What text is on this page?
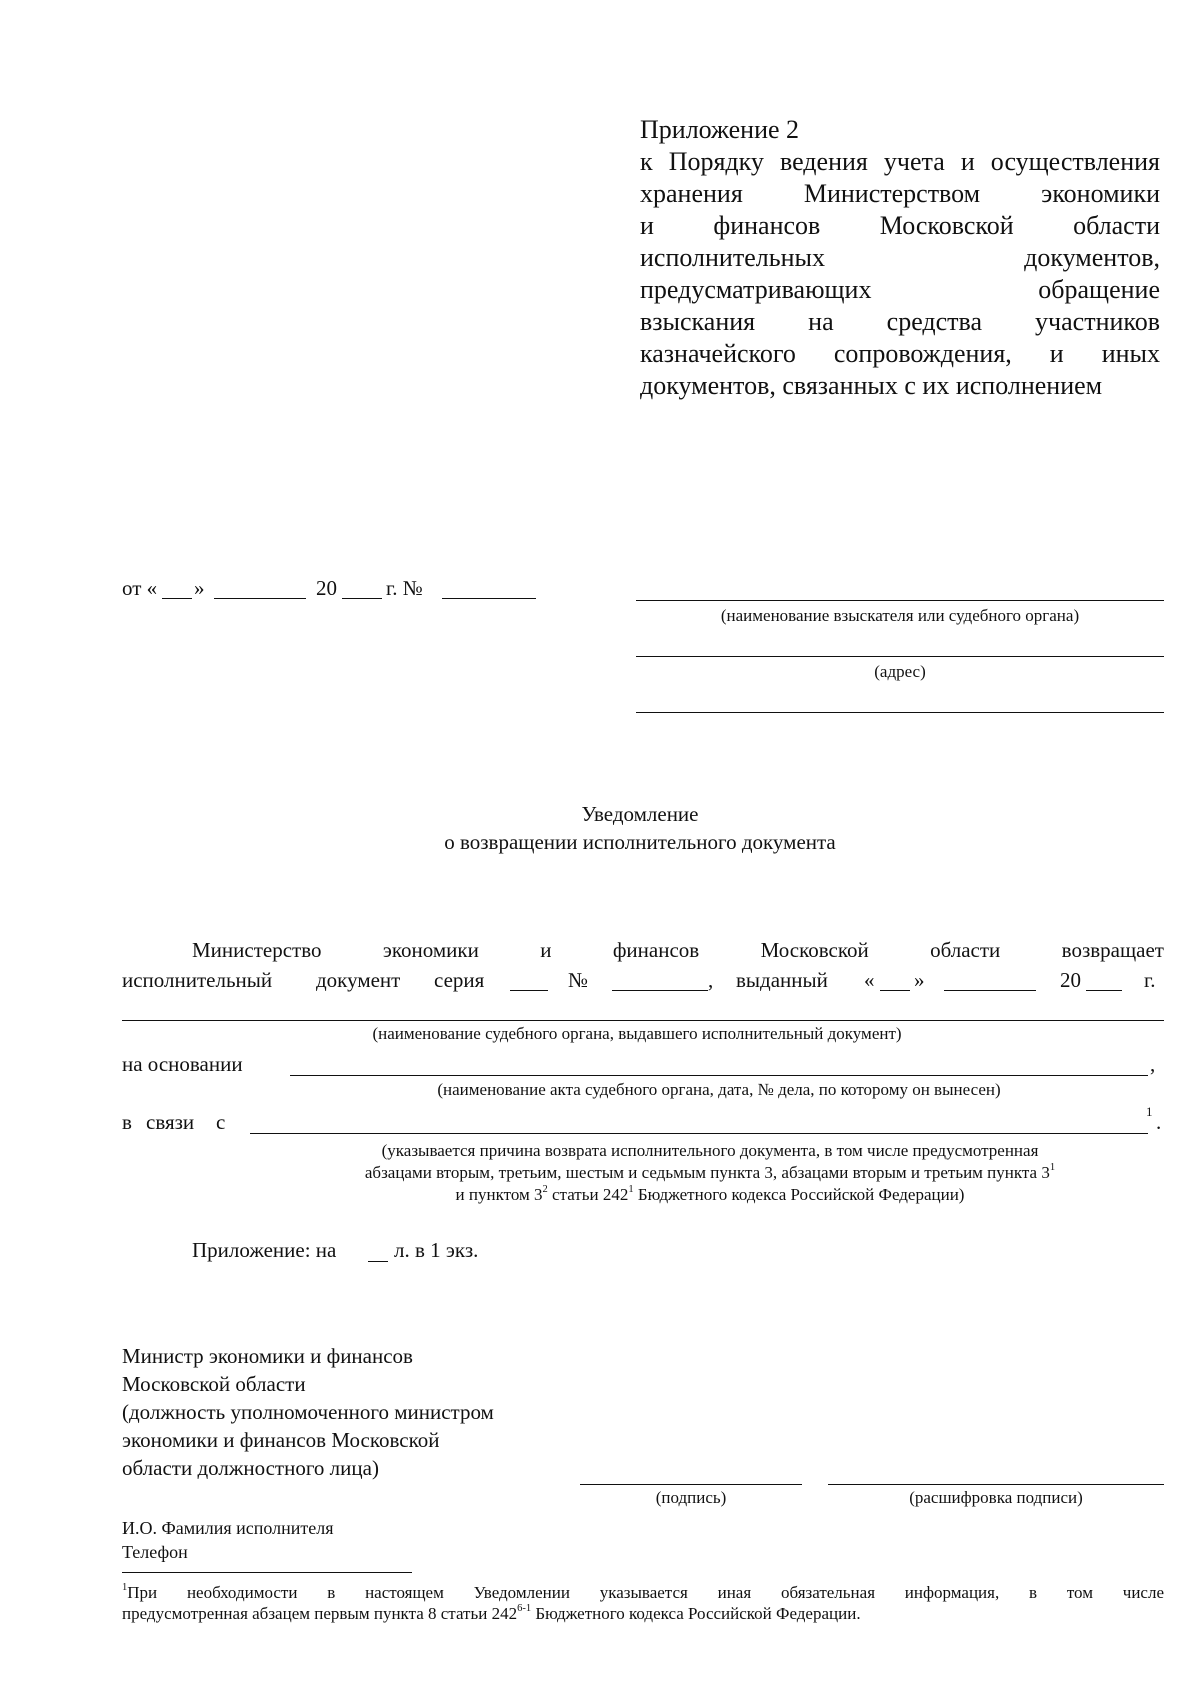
Приложение 2
к Порядку ведения учета и осуществления
хранения Министерством экономики
и финансов Московской области
исполнительных документов,
предусматривающих обращение
взыскания на средства участников
казначейского сопровождения, и иных
документов, связанных с их исполнением
от « »	20 г. №
(наименование взыскателя или судебного органа)
(адрес)
Уведомление
о возвращении исполнительного документа
Министерство	экономики	и	финансов	Московской	области	возвращает
исполнительный документ серия	№	, выданный « »	20	г.
(наименование судебного органа, выдавшего исполнительный документ)
на основании	,
(наименование акта судебного органа, дата, № дела, по которому он вынесен)
в связи с	1 .
(указывается причина возврата исполнительного документа, в том числе предусмотренная
абзацами вторым, третьим, шестым и седьмым пункта 3, абзацами вторым и третьим пункта $3^1$
и пунктом $3^2$ статьи $242^1$ Бюджетного кодекса Российской Федерации)
Приложение: на	л. в 1 экз.
Министр экономики и финансов
Московской области
(должность уполномоченного министром
экономики и финансов Московской
области должностного лица)
(подпись)	(расшифровка подписи)
И.О. Фамилия исполнителя
Телефон
$^1$При необходимости в настоящем Уведомлении указывается иная обязательная информация, в том числе
предусмотренная абзацем первым пункта 8 статьи 242$^{6-1}$ Бюджетного кодекса Российской Федерации.
